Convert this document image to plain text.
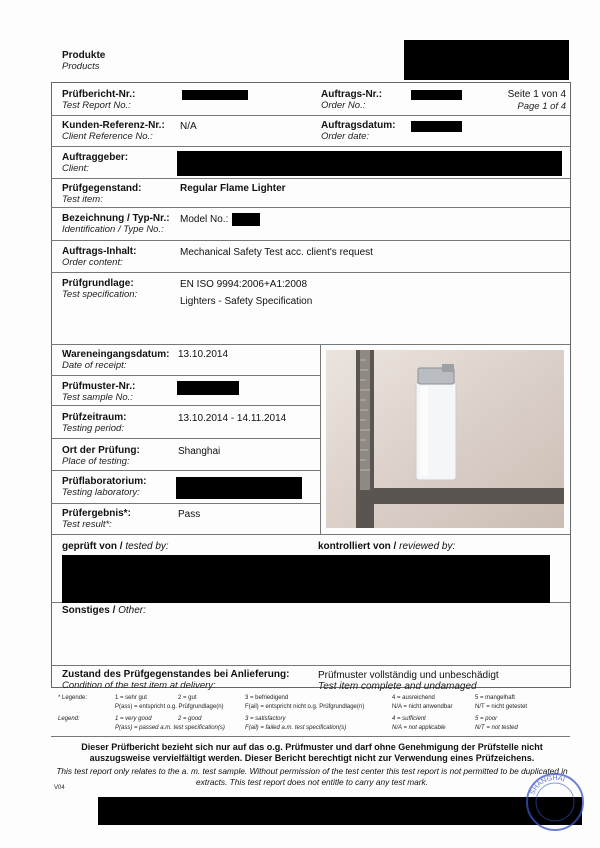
Produkte
Products
Prüfbericht-Nr.:
Test Report No.:
Auftrags-Nr.:
Order No.:
Seite 1 von 4
Page 1 of 4
Kunden-Referenz-Nr.:
Client Reference No.:
N/A	Auftragsdatum:
Order date:
Auftraggeber:
Client:
Prüfgegenstand:
Test item:
Regular Flame Lighter
Bezeichnung / Typ-Nr.:
Identification / Type No.:
Model No.:
Auftrags-Inhalt:
Order content:
Mechanical Safety Test acc. client's request
Prüfgrundlage:
Test specification:
EN ISO 9994:2006+A1:2008
Lighters - Safety Specification
Wareneingangsdatum:
Date of receipt:
13.10.2014
Prüfmuster-Nr.:
Test sample No.:
Prüfzeitraum:
Testing period:
13.10.2014 - 14.11.2014
Ort der Prüfung:
Place of testing:
Shanghai
Prüflaboratorium:
Testing laboratory:
Prüfergebnis*:
Test result*:
Pass
geprüft von / tested by:	kontrolliert von / reviewed by:
Sonstiges / Other:
Zustand des Prüfgegenstandes bei Anlieferung:
Condition of the test item at delivery:
Prüfmuster vollständig und unbeschädigt
Test item complete and undamaged
* Legende:	1 = sehr gut	2 = gut	3 = befriedigend	4 = ausreichend	5 = mangelhaft
P(ass) = entspricht o.g. Prüfgrundlage(n)	F(ail) = entspricht nicht o.g. Prüfgrundlage(n)	N/A = nicht anwendbar	N/T = nicht getestet
Legend:	1 = very good	2 = good	3 = satisfactory	4 = sufficient	5 = poor
P(ass) = passed a.m. test specification(s)	F(ail) = failed a.m. test specification(s)	N/A = not applicable	N/T = not tested
Dieser Prüfbericht bezieht sich nur auf das o.g. Prüfmuster und darf ohne Genehmigung der Prüfstelle nicht auszugsweise vervielfältigt werden. Dieser Bericht berechtigt nicht zur Verwendung eines Prüfzeichens.
This test report only relates to the a. m. test sample. Without permission of the test center this test report is not permitted to be duplicated in extracts. This test report does not entitle to carry any test mark.
V04
SHANGHAI
